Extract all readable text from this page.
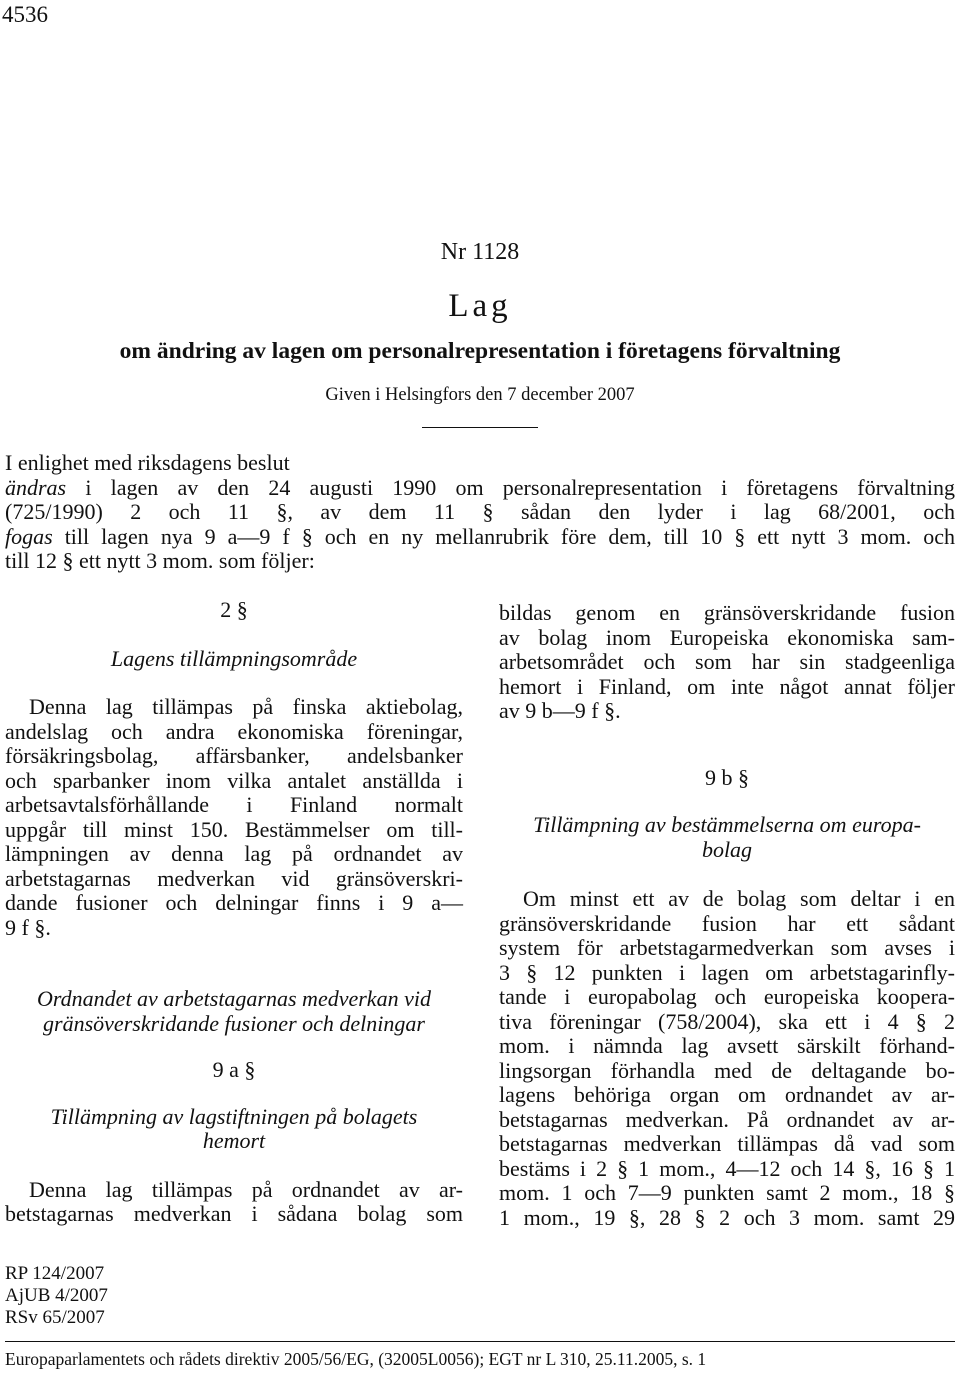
4536
Nr 1128
Lag
om ändring av lagen om personalrepresentation i företagens förvaltning
Given i Helsingfors den 7 december 2007
I enlighet med riksdagens beslut
ändras i lagen av den 24 augusti 1990 om personalrepresentation i företagens förvaltning
(725/1990) 2 och 11 §, av dem 11 § sådan den lyder i lag 68/2001, och
fogas till lagen nya 9 a—9 f § och en ny mellanrubrik före dem, till 10 § ett nytt 3 mom. och
till 12 § ett nytt 3 mom. som följer:

2 §

Lagens tillämpningsområde

Denna lag tillämpas på finska aktiebolag,
andelslag och andra ekonomiska föreningar,
försäkringsbolag, affärsbanker, andelsbanker
och sparbanker inom vilka antalet anställda i
arbetsavtalsförhållande i Finland normalt
uppgår till minst 150. Bestämmelser om till-
lämpningen av denna lag på ordnandet av
arbetstagarnas medverkan vid gränsöverskri-
dande fusioner och delningar finns i 9 a—
9 f §.

Ordnandet av arbetstagarnas medverkan vid

gränsöverskridande fusioner och delningar

9 a §

Tillämpning av lagstiftningen på bolagets

hemort

Denna lag tillämpas på ordnandet av ar-
betstagarnas medverkan i sådana bolag som
bildas genom en gränsöverskridande fusion
av bolag inom Europeiska ekonomiska sam-
arbetsområdet och som har sin stadgeenliga
hemort i Finland, om inte något annat följer
av 9 b—9 f §.

9 b §

Tillämpning av bestämmelserna om europa-

bolag

Om minst ett av de bolag som deltar i en
gränsöverskridande fusion har ett sådant
system för arbetstagarmedverkan som avses i
3 § 12 punkten i lagen om arbetstagarinfly-
tande i europabolag och europeiska koopera-
tiva föreningar (758/2004), ska ett i 4 § 2
mom. i nämnda lag avsett särskilt förhand-
lingsorgan förhandla med de deltagande bo-
lagens behöriga organ om ordnandet av ar-
betstagarnas medverkan. På ordnandet av ar-
betstagarnas medverkan tillämpas då vad som
bestäms i 2 § 1 mom., 4—12 och 14 §, 16 § 1
mom. 1 och 7—9 punkten samt 2 mom., 18 §
1 mom., 19 §, 28 § 2 och 3 mom. samt 29
RP 124/2007
AjUB 4/2007
RSv 65/2007
Europaparlamentets och rådets direktiv 2005/56/EG, (32005L0056); EGT nr L 310, 25.11.2005, s. 1
